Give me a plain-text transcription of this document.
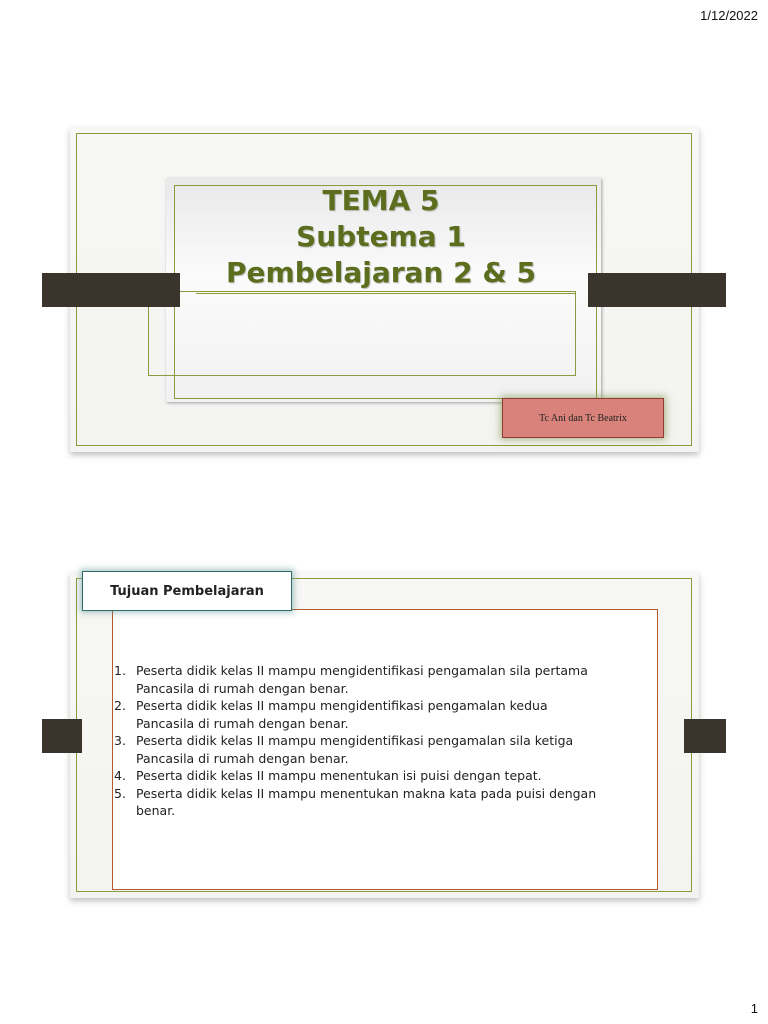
1/12/2022
TEMA 5
Subtema 1
Pembelajaran 2 & 5
Tc Ani dan Tc Beatrix
Tujuan Pembelajaran
1. Peserta didik kelas II mampu mengidentifikasi pengamalan sila pertama
Pancasila di rumah dengan benar.
2. Peserta didik kelas II mampu mengidentifikasi pengamalan kedua
Pancasila di rumah dengan benar.
3. Peserta didik kelas II mampu mengidentifikasi pengamalan sila ketiga
Pancasila di rumah dengan benar.
4. Peserta didik kelas II mampu menentukan isi puisi dengan tepat.
5. Peserta didik kelas II mampu menentukan makna kata pada puisi dengan
benar.
1
